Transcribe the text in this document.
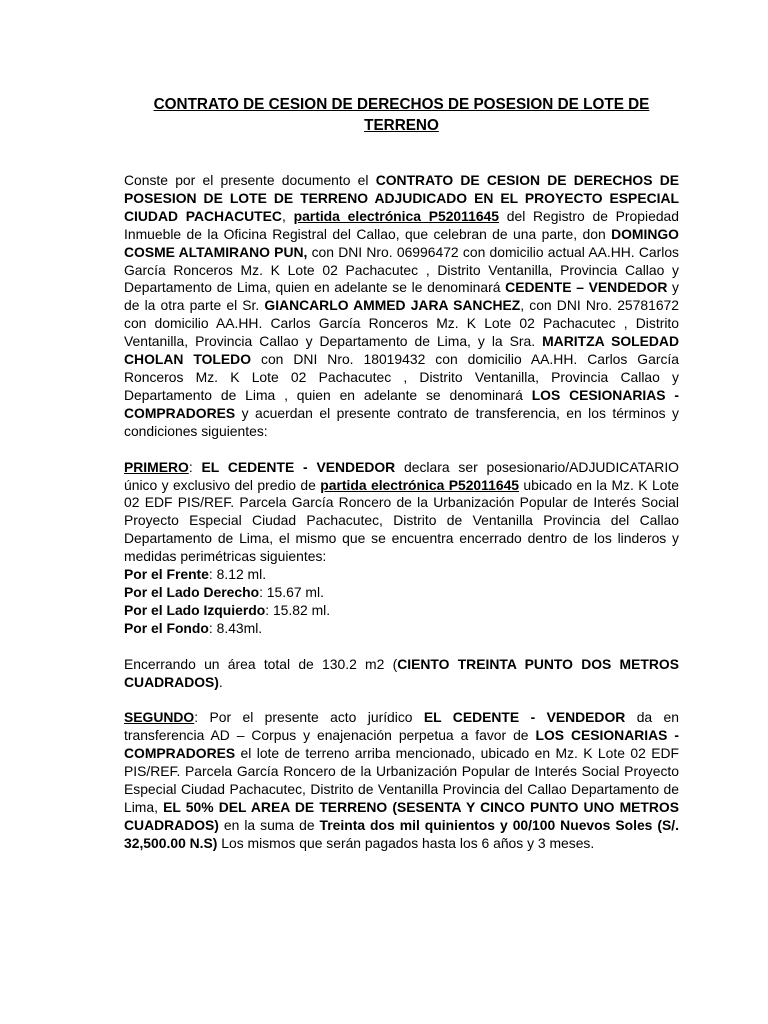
CONTRATO DE CESION DE DERECHOS DE POSESION DE LOTE DE TERRENO

Conste por el presente documento el CONTRATO DE CESION DE DERECHOS DE POSESION DE LOTE DE TERRENO ADJUDICADO EN EL PROYECTO ESPECIAL CIUDAD PACHACUTEC, partida electrónica P52011645 del Registro de Propiedad Inmueble de la Oficina Registral del Callao, que celebran de una parte, don DOMINGO COSME ALTAMIRANO PUN, con DNI Nro. 06996472 con domicilio actual AA.HH. Carlos García Ronceros Mz. K Lote 02 Pachacutec , Distrito Ventanilla, Provincia Callao y Departamento de Lima, quien en adelante se le denominará CEDENTE – VENDEDOR y de la otra parte el Sr. GIANCARLO AMMED JARA SANCHEZ, con DNI Nro. 25781672 con domicilio AA.HH. Carlos García Ronceros Mz. K Lote 02 Pachacutec , Distrito Ventanilla, Provincia Callao y Departamento de Lima, y la Sra. MARITZA SOLEDAD CHOLAN TOLEDO con DNI Nro. 18019432 con domicilio AA.HH. Carlos García Ronceros Mz. K Lote 02 Pachacutec , Distrito Ventanilla, Provincia Callao y Departamento de Lima , quien en adelante se denominará LOS CESIONARIAS - COMPRADORES y acuerdan el presente contrato de transferencia, en los términos y condiciones siguientes:

PRIMERO: EL CEDENTE - VENDEDOR declara ser posesionario/ADJUDICATARIO único y exclusivo del predio de partida electrónica P52011645 ubicado en la Mz. K Lote 02 EDF PIS/REF. Parcela García Roncero de la Urbanización Popular de Interés Social Proyecto Especial Ciudad Pachacutec, Distrito de Ventanilla Provincia del Callao Departamento de Lima, el mismo que se encuentra encerrado dentro de los linderos y medidas perimétricas siguientes:

Por el Frente: 8.12 ml.

Por el Lado Derecho: 15.67 ml.

Por el Lado Izquierdo: 15.82 ml.

Por el Fondo: 8.43ml.

Encerrando un área total de 130.2 m2 (CIENTO TREINTA PUNTO DOS METROS CUADRADOS).

SEGUNDO: Por el presente acto jurídico EL CEDENTE - VENDEDOR da en transferencia AD – Corpus y enajenación perpetua a favor de LOS CESIONARIAS - COMPRADORES el lote de terreno arriba mencionado, ubicado en Mz. K Lote 02 EDF PIS/REF. Parcela García Roncero de la Urbanización Popular de Interés Social Proyecto Especial Ciudad Pachacutec, Distrito de Ventanilla Provincia del Callao Departamento de Lima, EL 50% DEL AREA DE TERRENO (SESENTA Y CINCO PUNTO UNO METROS CUADRADOS) en la suma de Treinta dos mil quinientos y 00/100 Nuevos Soles (S/. 32,500.00 N.S) Los mismos que serán pagados hasta los 6 años y 3 meses.
